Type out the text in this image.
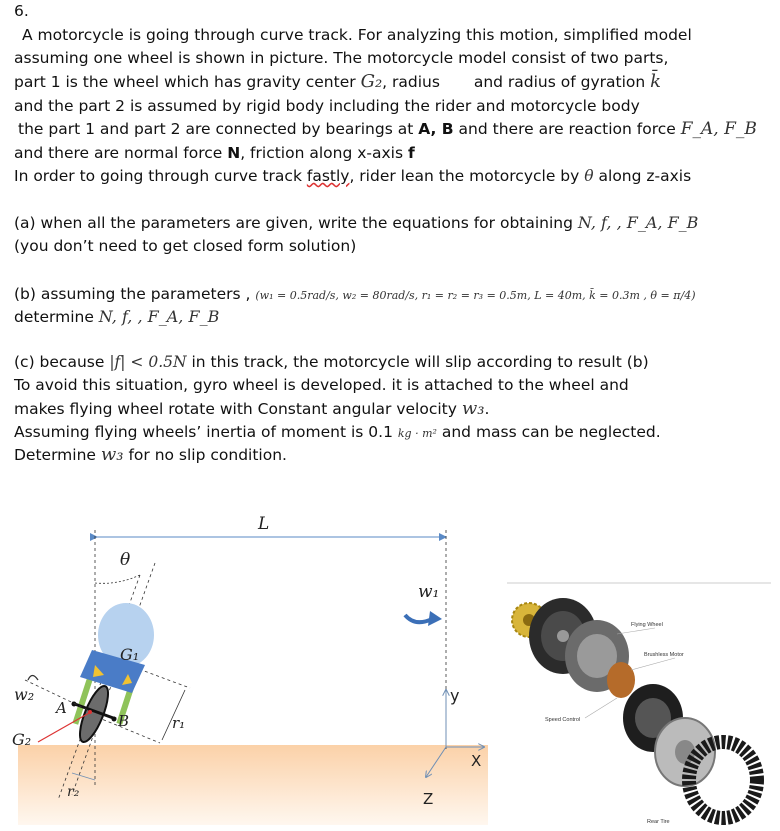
6.
A motorcycle is going through curve track. For analyzing this motion, simplified model
assuming one wheel is shown in picture. The motorcycle model consist of two parts,
part 1 is the wheel which has gravity center G₂, radius and radius of gyration k̄
and the part 2 is assumed by rigid body including the rider and motorcycle body
the part 1 and part 2 are connected by bearings at A, B and there are reaction force F_A, F_B
and there are normal force N, friction along x-axis f
In order to going through curve track fastly, rider lean the motorcycle by θ along z-axis
(a) when all the parameters are given, write the equations for obtaining N, f, , F_A, F_B
(you don’t need to get closed form solution)
(b) assuming the parameters , (w₁ = 0.5rad/s, w₂ = 80rad/s, r₁ = r₂ = r₃ = 0.5m, L = 40m, k̄ = 0.3m , θ = π/4)
determine N, f, , F_A, F_B
(c) because |f| < 0.5N in this track, the motorcycle will slip according to result (b)
To avoid this situation, gyro wheel is developed. it is attached to the wheel and
makes flying wheel rotate with Constant angular velocity w₃.
Assuming flying wheels’ inertia of moment is 0.1 kg · m² and mass can be neglected.
Determine w₃ for no slip condition.
L
θ
r₁
G₁
A
B
G₂
w₂
r₂
w₁
y
X
Z
Flying Wheel
Brushless Motor
Speed Control
Rear Tire
